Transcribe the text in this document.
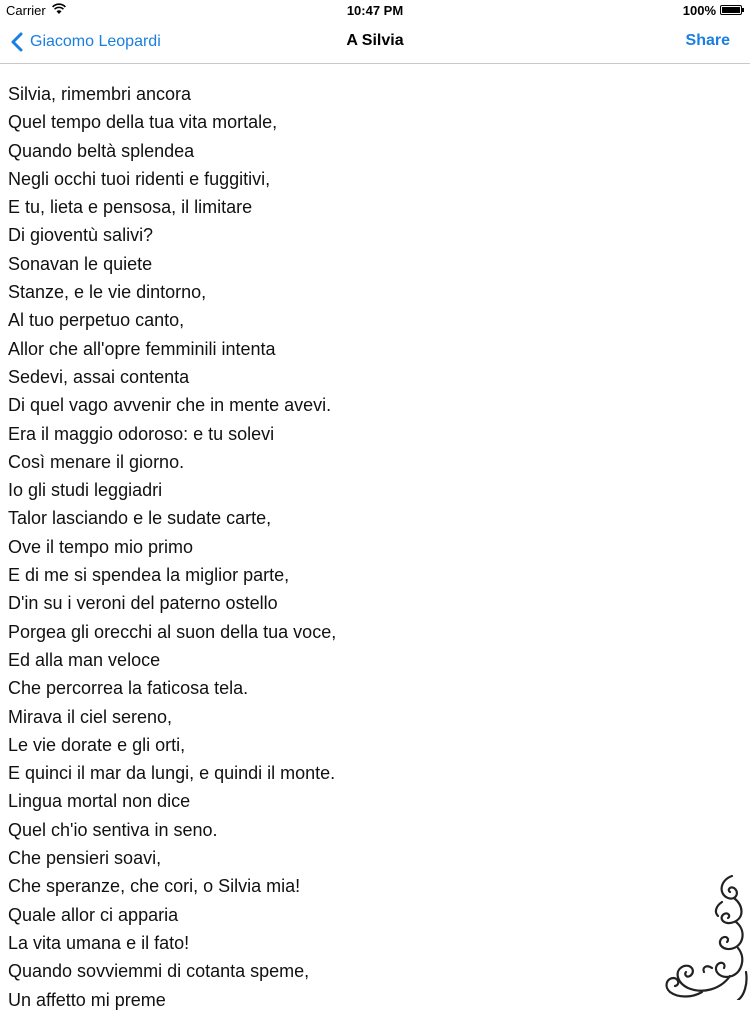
Carrier	10:47 PM	100%
Giacomo Leopardi	A Silvia	Share
Silvia, rimembri ancora
Quel tempo della tua vita mortale,
Quando beltà splendea
Negli occhi tuoi ridenti e fuggitivi,
E tu, lieta e pensosa, il limitare
Di gioventù salivi?
Sonavan le quiete
Stanze, e le vie dintorno,
Al tuo perpetuo canto,
Allor che all'opre femminili intenta
Sedevi, assai contenta
Di quel vago avvenir che in mente avevi.
Era il maggio odoroso: e tu solevi
Così menare il giorno.
Io gli studi leggiadri
Talor lasciando e le sudate carte,
Ove il tempo mio primo
E di me si spendea la miglior parte,
D'in su i veroni del paterno ostello
Porgea gli orecchi al suon della tua voce,
Ed alla man veloce
Che percorrea la faticosa tela.
Mirava il ciel sereno,
Le vie dorate e gli orti,
E quinci il mar da lungi, e quindi il monte.
Lingua mortal non dice
Quel ch'io sentiva in seno.
Che pensieri soavi,
Che speranze, che cori, o Silvia mia!
Quale allor ci apparia
La vita umana e il fato!
Quando sovviemmi di cotanta speme,
Un affetto mi preme
